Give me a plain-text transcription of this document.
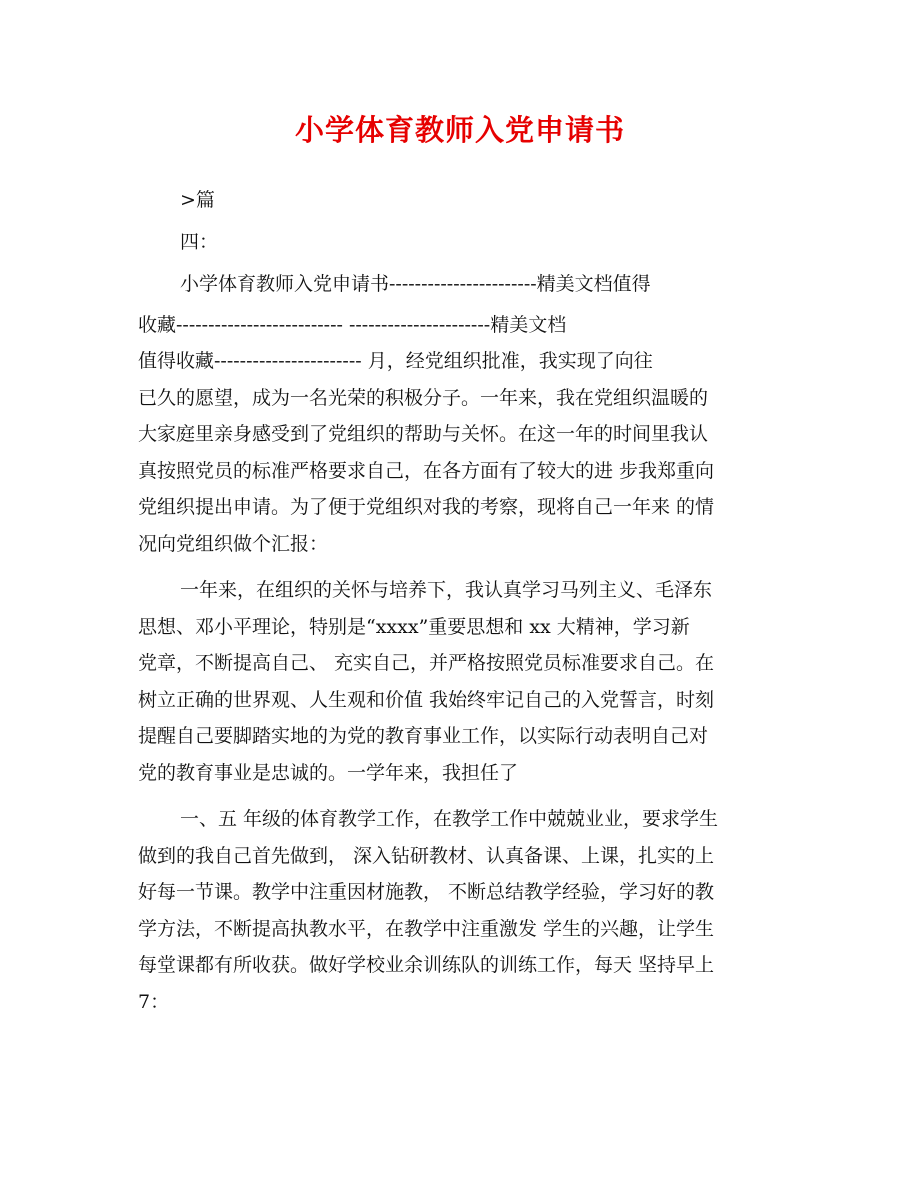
小学体育教师入党申请书
>篇
四：
小学体育教师入党申请书-----------------------精美文档值得
收藏-------------------------- ----------------------精美文档
值得收藏----------------------- 月，经党组织批准，我实现了向往
已久的愿望，成为一名光荣的积极分子。一年来，我在党组织温暖的
大家庭里亲身感受到了党组织的帮助与关怀。在这一年的时间里我认
真按照党员的标准严格要求自己，在各方面有了较大的进 步我郑重向
党组织提出申请。为了便于党组织对我的考察，现将自己一年来 的情
况向党组织做个汇报：
一年来，在组织的关怀与培养下，我认真学习马列主义、毛泽东
思想、邓小平理论，特别是“xxxx”重要思想和 xx 大精神，学习新
党章，不断提高自己、 充实自己，并严格按照党员标准要求自己。在
树立正确的世界观、人生观和价值 我始终牢记自己的入党誓言，时刻
提醒自己要脚踏实地的为党的教育事业工作，以实际行动表明自己对
党的教育事业是忠诚的。一学年来，我担任了
一、五 年级的体育教学工作，在教学工作中兢兢业业，要求学生
做到的我自己首先做到， 深入钻研教材、认真备课、上课，扎实的上
好每一节课。教学中注重因材施教， 不断总结教学经验，学习好的教
学方法，不断提高执教水平，在教学中注重激发 学生的兴趣，让学生
每堂课都有所收获。做好学校业余训练队的训练工作，每天 坚持早上
7：
